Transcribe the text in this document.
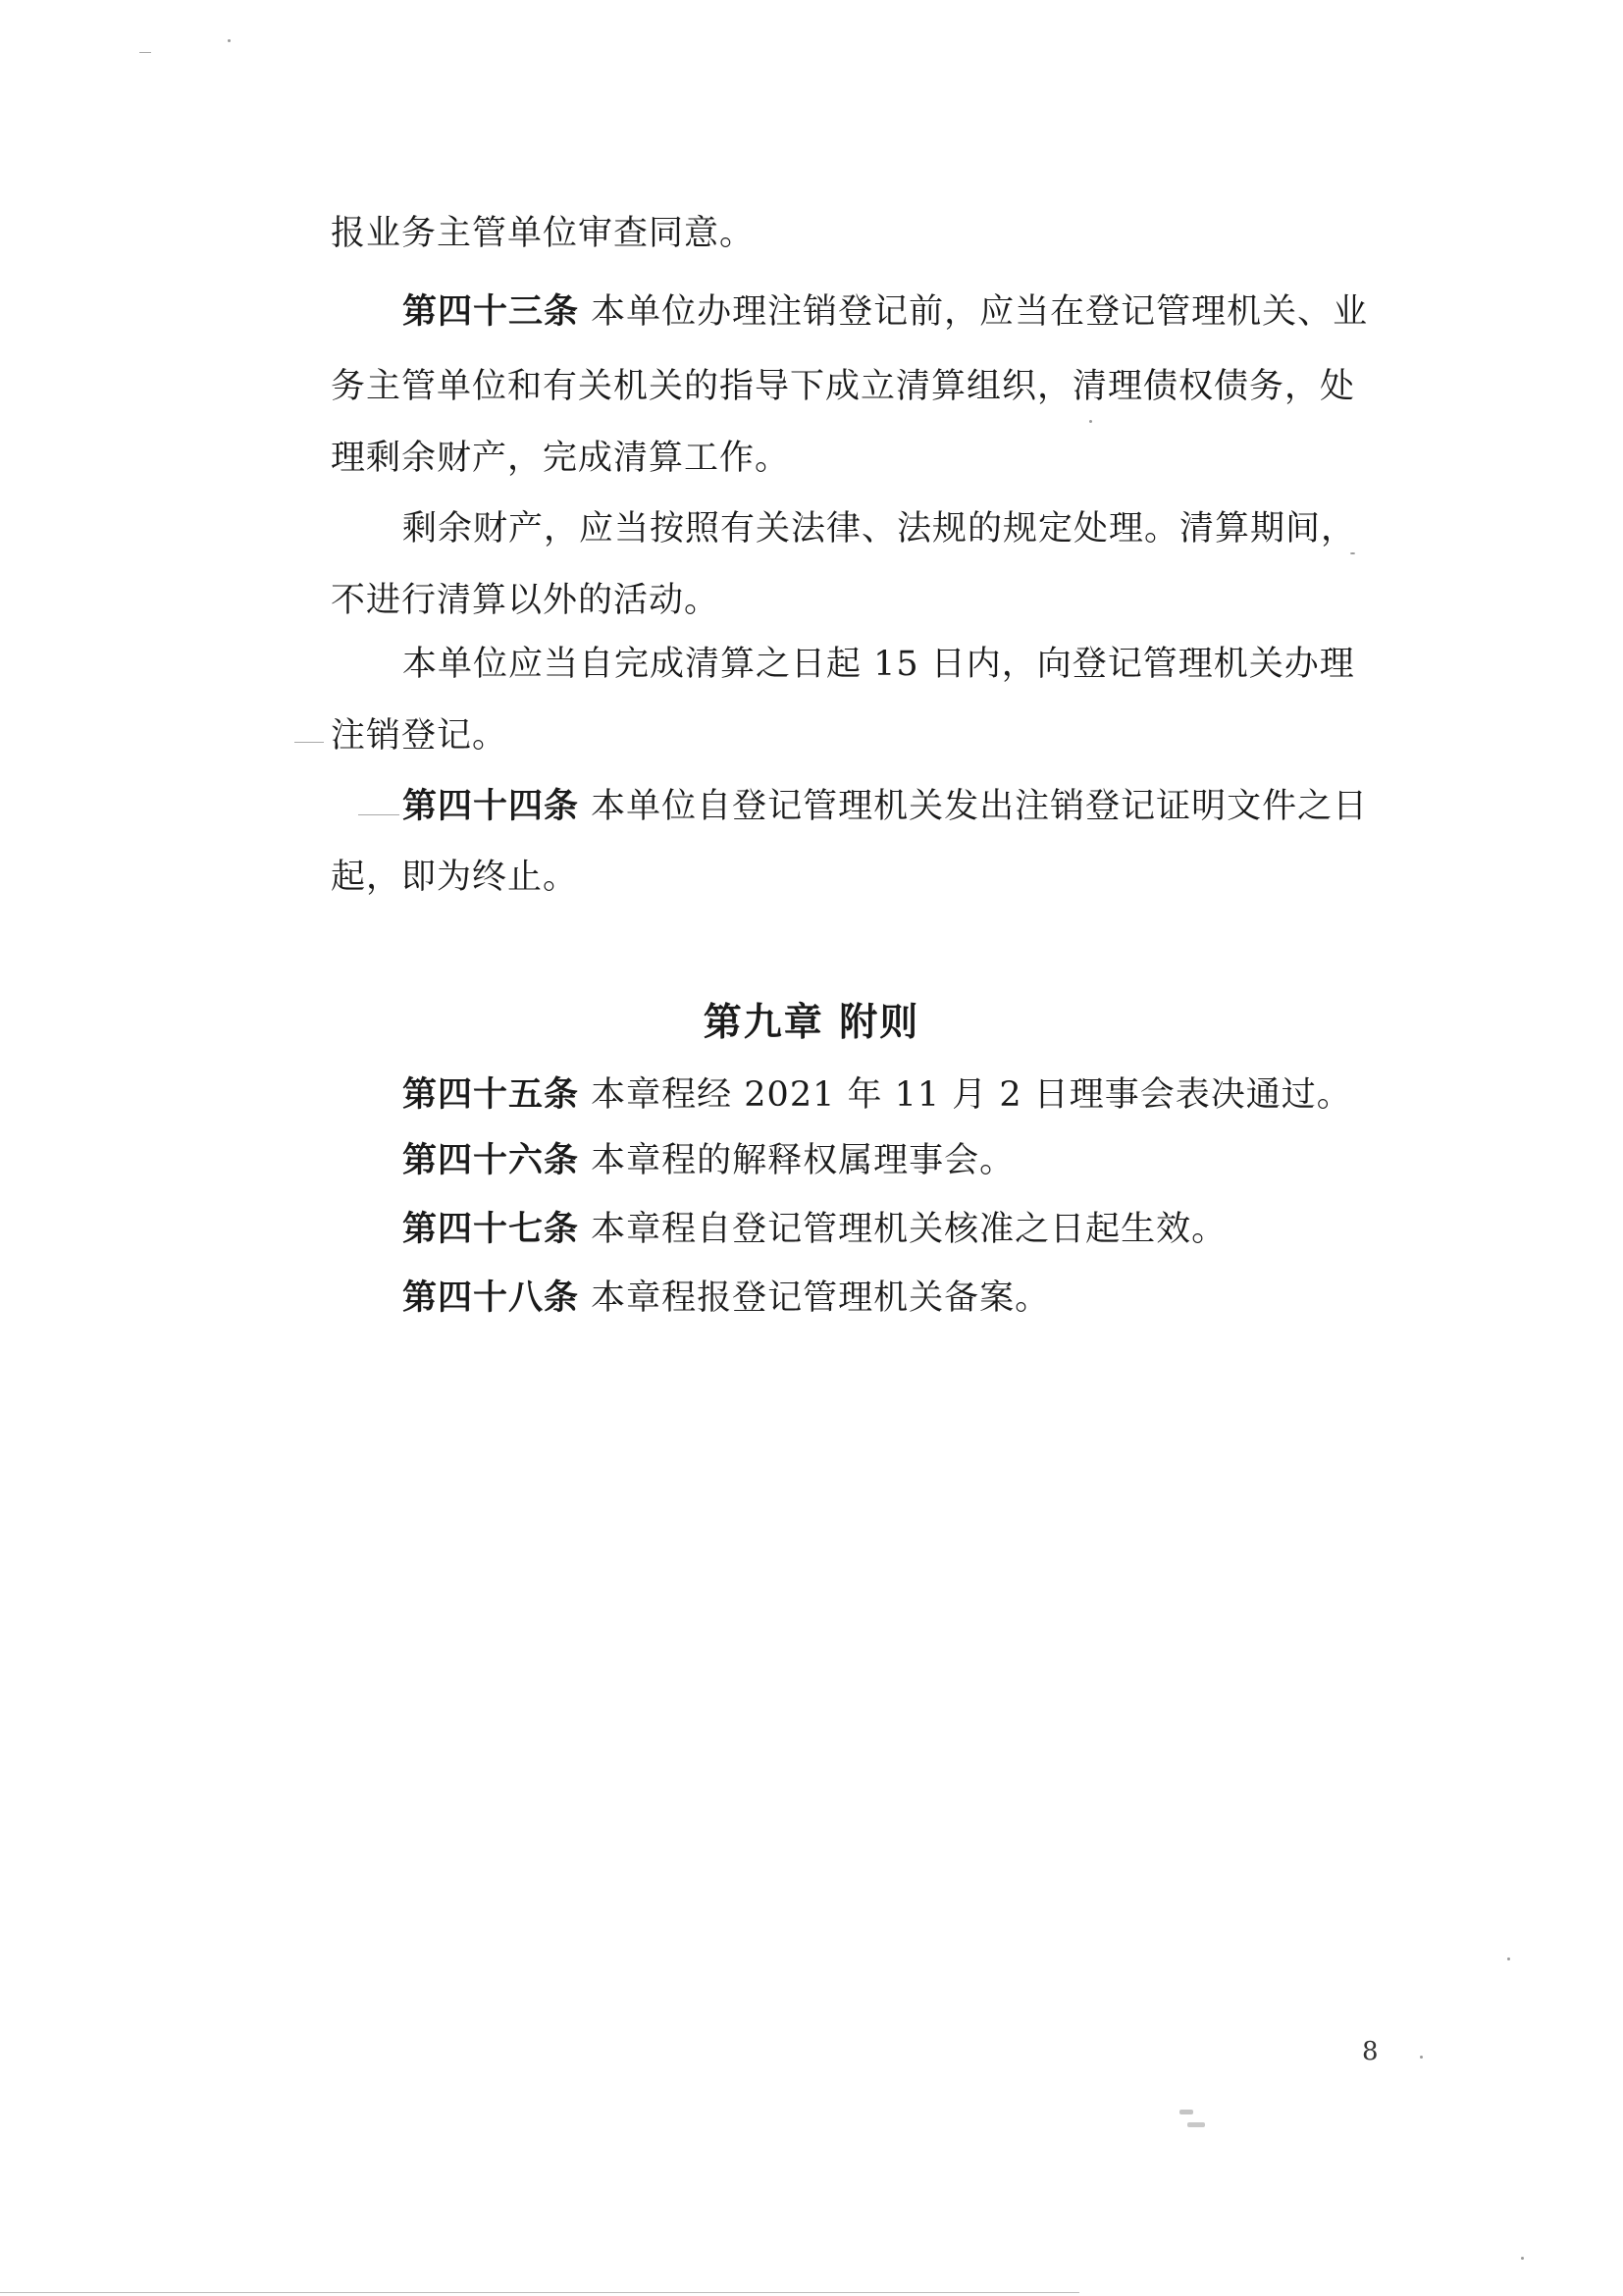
报业务主管单位审查同意。
第四十三条 本单位办理注销登记前，应当在登记管理机关、业
务主管单位和有关机关的指导下成立清算组织，清理债权债务，处
理剩余财产，完成清算工作。
剩余财产，应当按照有关法律、法规的规定处理。清算期间，
不进行清算以外的活动。
本单位应当自完成清算之日起 15 日内，向登记管理机关办理
注销登记。
第四十四条 本单位自登记管理机关发出注销登记证明文件之日
起，即为终止。
第九章 附则
第四十五条 本章程经 2021 年 11 月 2 日理事会表决通过。
第四十六条 本章程的解释权属理事会。
第四十七条 本章程自登记管理机关核准之日起生效。
第四十八条 本章程报登记管理机关备案。
8
